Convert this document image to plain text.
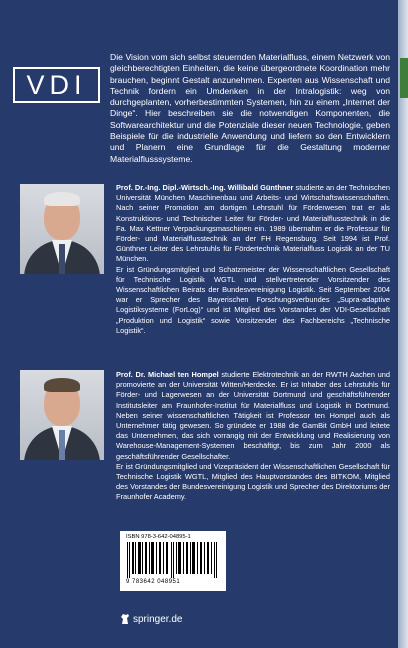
VDI

Die Vision vom sich selbst steuernden Materialfluss, einem Netzwerk von gleichberechtigten Einheiten, die keine übergeordnete Koordination mehr brauchen, beginnt Gestalt anzunehmen. Experten aus Wissenschaft und Technik fordern ein Umdenken in der Intralogistik: weg von durchgeplanten, vorherbestimmten Systemen, hin zu einem „Internet der Dinge“. Hier beschreiben sie die notwendigen Komponenten, die Softwarearchitektur und die Potenziale dieser neuen Technologie, geben Beispiele für die industrielle Anwendung und liefern so den Entwicklern und Planern eine Grundlage für die Gestaltung moderner Materialflusssysteme.

Prof. Dr.-Ing. Dipl.-Wirtsch.-Ing. Willibald Günthner studierte an der Technischen Universität München Maschinenbau und Arbeits- und Wirtschaftswissenschaften. Nach seiner Promotion am dortigen Lehrstuhl für Förderwesen trat er als Konstruktions- und Technischer Leiter für Förder- und Materialflusstechnik in die Fa. Max Kettner Verpackungsmaschinen ein. 1989 übernahm er die Professur für Förder- und Materialflusstechnik an der FH Regensburg. Seit 1994 ist Prof. Günthner Leiter des Lehrstuhls für Fördertechnik Materialfluss Logistik an der TU München.

Er ist Gründungsmitglied und Schatzmeister der Wissenschaftlichen Gesellschaft für Technische Logistik WGTL und stellvertretender Vorsitzender des Wissenschaftlichen Beirats der Bundesvereinigung Logistik. Seit September 2004 war er Sprecher des Bayerischen Forschungsverbundes „Supra-adaptive Logistiksysteme (ForLog)“ und ist Mitglied des Vorstandes der VDI-Gesellschaft „Produktion und Logistik“ sowie Vorsitzender des Fachbereichs „Technische Logistik“.

Prof. Dr. Michael ten Hompel studierte Elektrotechnik an der RWTH Aachen und promovierte an der Universität Witten/Herdecke. Er ist Inhaber des Lehrstuhls für Förder- und Lagerwesen an der Universität Dortmund und geschäftsführender Institutsleiter am Fraunhofer-Institut für Materialfluss und Logistik in Dortmund. Neben seiner wissenschaftlichen Tätigkeit ist Professor ten Hompel auch als Unternehmer tätig gewesen. So gründete er 1988 die GamBit GmbH und leitete das Unternehmen, das sich vorrangig mit der Entwicklung und Realisierung von Warehouse-Management-Systemen beschäftigt, bis zum Jahr 2000 als geschäftsführender Gesellschafter.

Er ist Gründungsmitglied und Vizepräsident der Wissenschaftlichen Gesellschaft für Technische Logistik WGTL, Mitglied des Hauptvorstandes des BITKOM, Mitglied des Vorstandes der Bundesvereinigung Logistik und Sprecher des Direktoriums der Fraunhofer Academy.

ISBN 978-3-642-04895-1
9 783642 048951
springer.de
